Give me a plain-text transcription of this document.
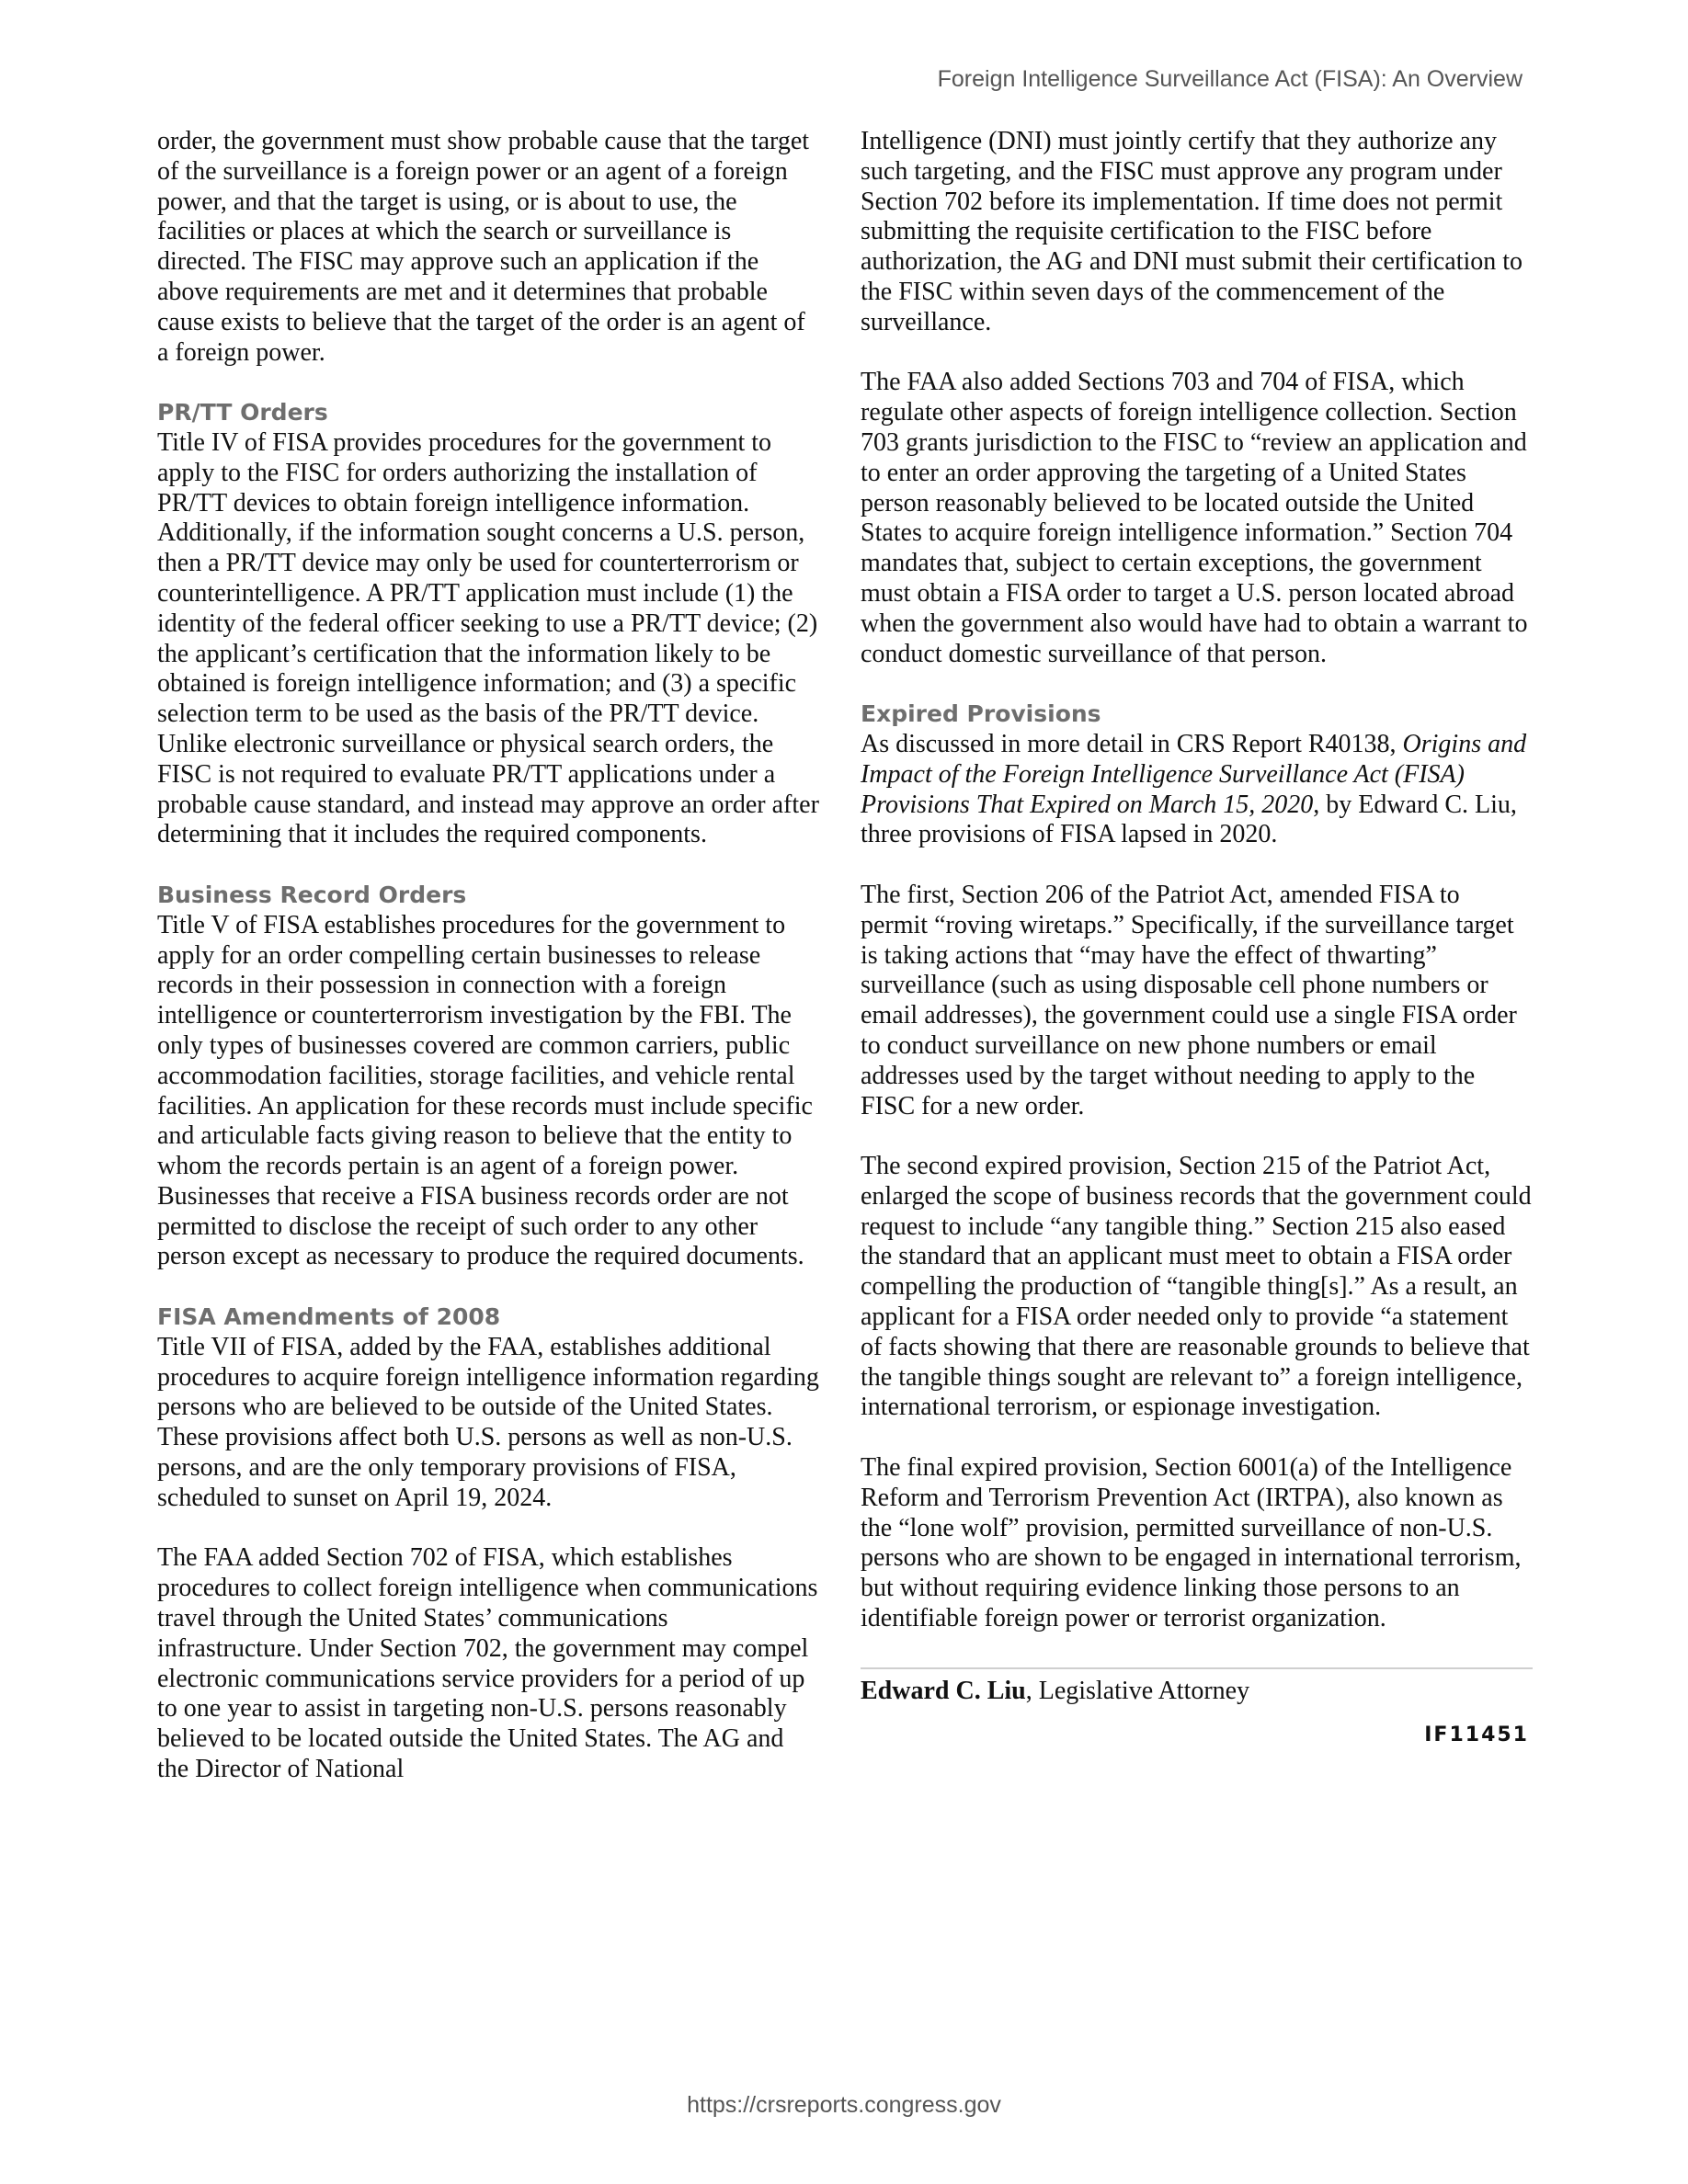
Foreign Intelligence Surveillance Act (FISA): An Overview

order, the government must show probable cause that the target of the surveillance is a foreign power or an agent of a foreign power, and that the target is using, or is about to use, the facilities or places at which the search or surveillance is directed. The FISC may approve such an application if the above requirements are met and it determines that probable cause exists to believe that the target of the order is an agent of a foreign power.

PR/TT Orders

Title IV of FISA provides procedures for the government to apply to the FISC for orders authorizing the installation of PR/TT devices to obtain foreign intelligence information. Additionally, if the information sought concerns a U.S. person, then a PR/TT device may only be used for counterterrorism or counterintelligence. A PR/TT application must include (1) the identity of the federal officer seeking to use a PR/TT device; (2) the applicant’s certification that the information likely to be obtained is foreign intelligence information; and (3) a specific selection term to be used as the basis of the PR/TT device. Unlike electronic surveillance or physical search orders, the FISC is not required to evaluate PR/TT applications under a probable cause standard, and instead may approve an order after determining that it includes the required components.

Business Record Orders

Title V of FISA establishes procedures for the government to apply for an order compelling certain businesses to release records in their possession in connection with a foreign intelligence or counterterrorism investigation by the FBI. The only types of businesses covered are common carriers, public accommodation facilities, storage facilities, and vehicle rental facilities. An application for these records must include specific and articulable facts giving reason to believe that the entity to whom the records pertain is an agent of a foreign power. Businesses that receive a FISA business records order are not permitted to disclose the receipt of such order to any other person except as necessary to produce the required documents.

FISA Amendments of 2008

Title VII of FISA, added by the FAA, establishes additional procedures to acquire foreign intelligence information regarding persons who are believed to be outside of the United States. These provisions affect both U.S. persons as well as non-U.S. persons, and are the only temporary provisions of FISA, scheduled to sunset on April 19, 2024.

The FAA added Section 702 of FISA, which establishes procedures to collect foreign intelligence when communications travel through the United States’ communications infrastructure. Under Section 702, the government may compel electronic communications service providers for a period of up to one year to assist in targeting non-U.S. persons reasonably believed to be located outside the United States. The AG and the Director of National

Intelligence (DNI) must jointly certify that they authorize any such targeting, and the FISC must approve any program under Section 702 before its implementation. If time does not permit submitting the requisite certification to the FISC before authorization, the AG and DNI must submit their certification to the FISC within seven days of the commencement of the surveillance.

The FAA also added Sections 703 and 704 of FISA, which regulate other aspects of foreign intelligence collection. Section 703 grants jurisdiction to the FISC to “review an application and to enter an order approving the targeting of a United States person reasonably believed to be located outside the United States to acquire foreign intelligence information.” Section 704 mandates that, subject to certain exceptions, the government must obtain a FISA order to target a U.S. person located abroad when the government also would have had to obtain a warrant to conduct domestic surveillance of that person.

Expired Provisions

As discussed in more detail in CRS Report R40138, Origins and Impact of the Foreign Intelligence Surveillance Act (FISA) Provisions That Expired on March 15, 2020, by Edward C. Liu, three provisions of FISA lapsed in 2020.

The first, Section 206 of the Patriot Act, amended FISA to permit “roving wiretaps.” Specifically, if the surveillance target is taking actions that “may have the effect of thwarting” surveillance (such as using disposable cell phone numbers or email addresses), the government could use a single FISA order to conduct surveillance on new phone numbers or email addresses used by the target without needing to apply to the FISC for a new order.

The second expired provision, Section 215 of the Patriot Act, enlarged the scope of business records that the government could request to include “any tangible thing.” Section 215 also eased the standard that an applicant must meet to obtain a FISA order compelling the production of “tangible thing[s].” As a result, an applicant for a FISA order needed only to provide “a statement of facts showing that there are reasonable grounds to believe that the tangible things sought are relevant to” a foreign intelligence, international terrorism, or espionage investigation.

The final expired provision, Section 6001(a) of the Intelligence Reform and Terrorism Prevention Act (IRTPA), also known as the “lone wolf” provision, permitted surveillance of non-U.S. persons who are shown to be engaged in international terrorism, but without requiring evidence linking those persons to an identifiable foreign power or terrorist organization.

Edward C. Liu, Legislative Attorney
IF11451
https://crsreports.congress.gov
